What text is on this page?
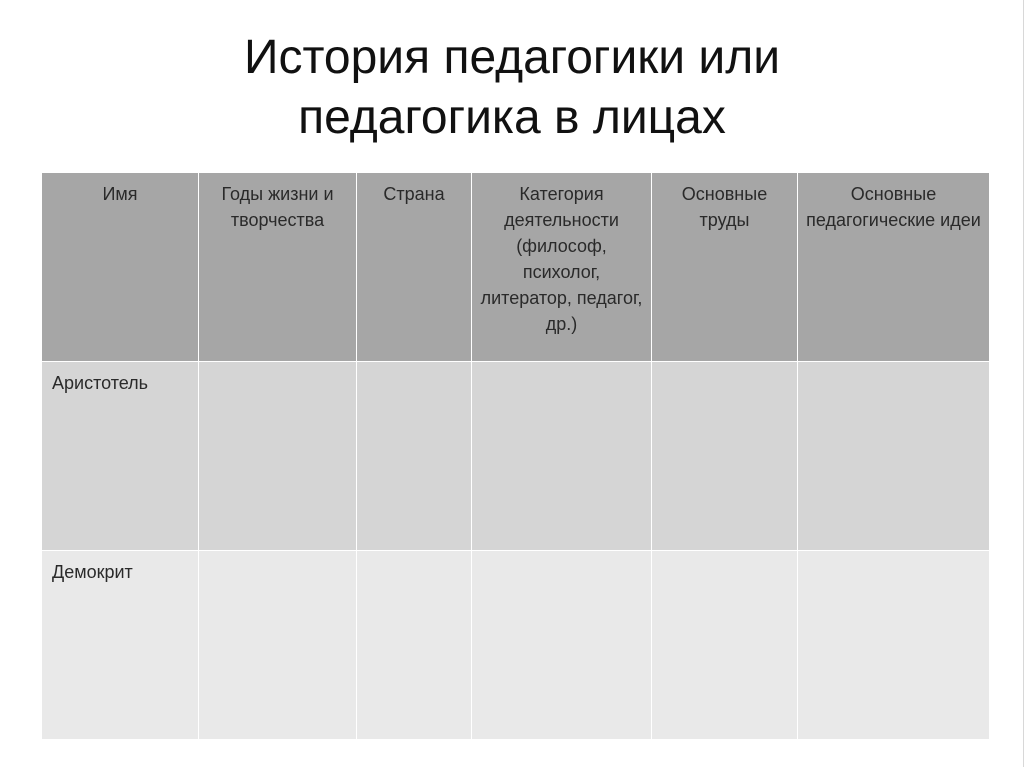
История педагогики или
педагогика в лицах
Имя	Годы жизни и творчества	Страна	Категория деятельности (философ, психолог, литератор, педагог, др.)	Основные труды	Основные педагогические идеи
Аристотель					
Демокрит					
